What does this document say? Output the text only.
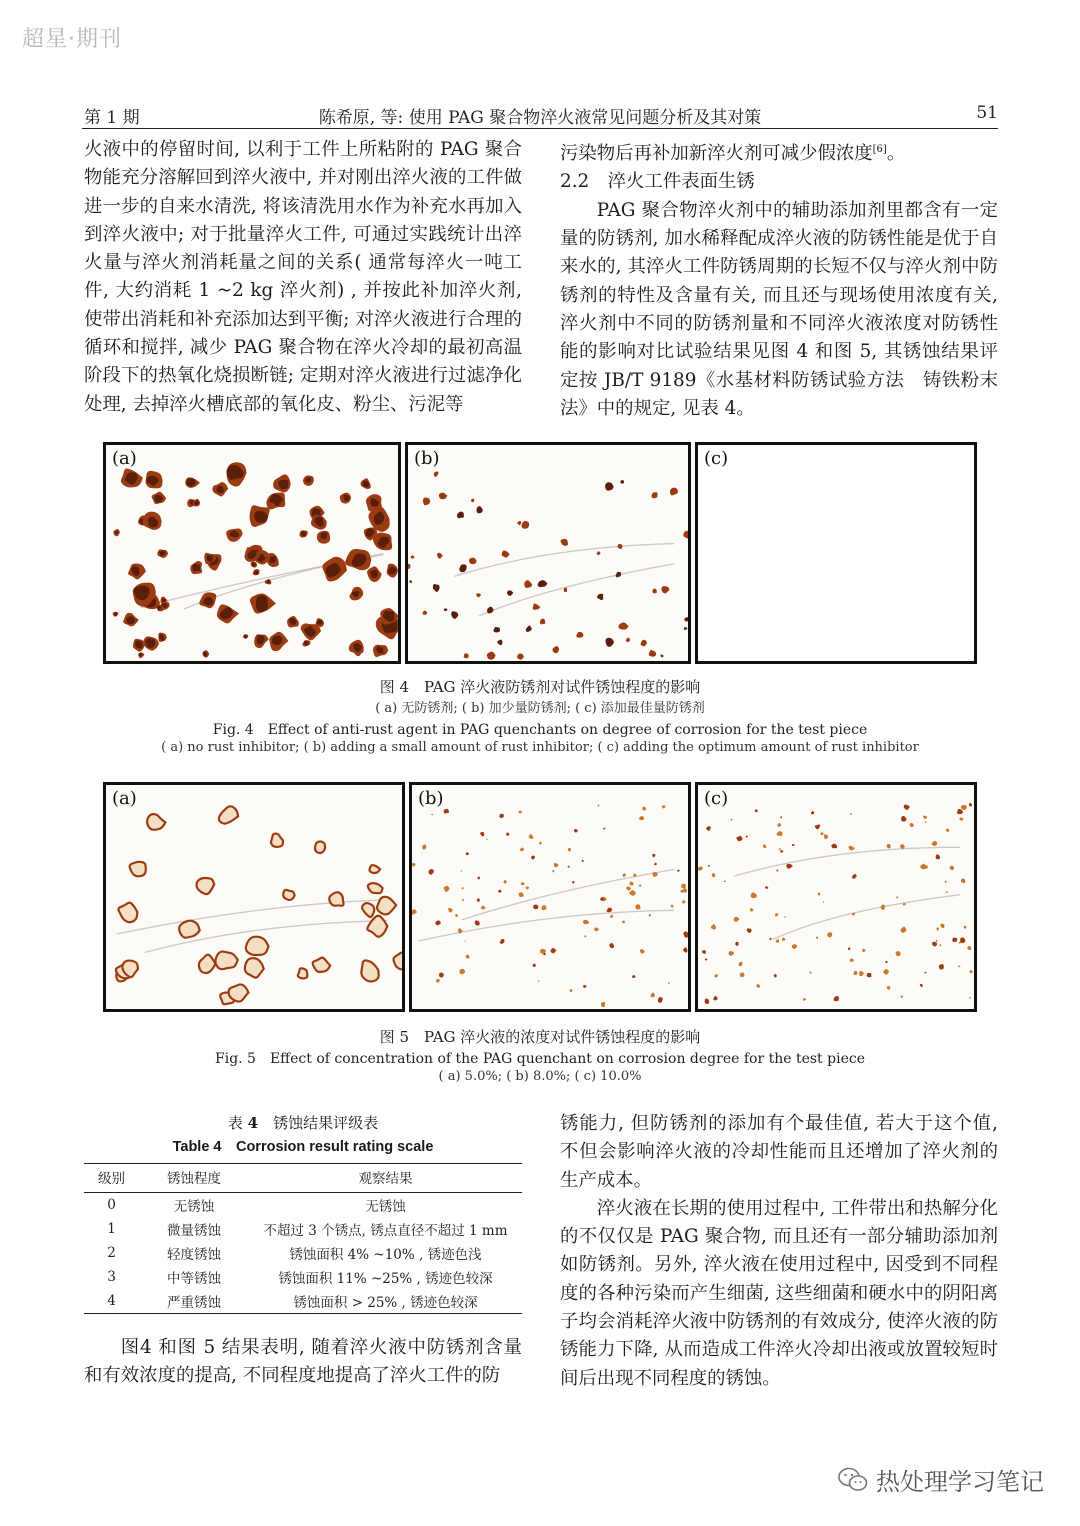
超星·期刊
第 1 期	陈希原, 等: 使用 PAG 聚合物淬火液常见问题分析及其对策	51

火液中的停留时间, 以利于工件上所粘附的 PAG 聚合物能充分溶解回到淬火液中, 并对刚出淬火液的工件做进一步的自来水清洗, 将该清洗用水作为补充水再加入到淬火液中; 对于批量淬火工件, 可通过实践统计出淬火量与淬火剂消耗量之间的关系( 通常每淬火一吨工件, 大约消耗 1 ~2 kg 淬火剂) , 并按此补加淬火剂, 使带出消耗和补充添加达到平衡; 对淬火液进行合理的循环和搅拌, 减少 PAG 聚合物在淬火冷却的最初高温阶段下的热氧化烧损断链; 定期对淬火液进行过滤净化处理, 去掉淬火槽底部的氧化皮、粉尘、污泥等

污染物后再补加新淬火剂可减少假浓度[6]。

2.2　淬火工件表面生锈

PAG 聚合物淬火剂中的辅助添加剂里都含有一定量的防锈剂, 加水稀释配成淬火液的防锈性能是优于自来水的, 其淬火工件防锈周期的长短不仅与淬火剂中防锈剂的特性及含量有关, 而且还与现场使用浓度有关, 淬火剂中不同的防锈剂量和不同淬火液浓度对防锈性能的影响对比试验结果见图 4 和图 5, 其锈蚀结果评定按 JB/T 9189《水基材料防锈试验方法　铸铁粉末法》中的规定, 见表 4。

(a)	(b)	(c)
图 4　PAG 淬火液防锈剂对试件锈蚀程度的影响
( a) 无防锈剂; ( b) 加少量防锈剂; ( c) 添加最佳量防锈剂
Fig. 4　Effect of anti-rust agent in PAG quenchants on degree of corrosion for the test piece
( a) no rust inhibitor; ( b) adding a small amount of rust inhibitor; ( c) adding the optimum amount of rust inhibitor
(a)	(b)	(c)
图 5　PAG 淬火液的浓度对试件锈蚀程度的影响
Fig. 5　Effect of concentration of the PAG quenchant on corrosion degree for the test piece
( a) 5.0%; ( b) 8.0%; ( c) 10.0%
表 4　 锈蚀结果评级表
Table 4　Corrosion result rating scale
级别	锈蚀程度	观察结果
0	无锈蚀	无锈蚀
1	微量锈蚀	不超过 3 个锈点, 锈点直径不超过 1 mm
2	轻度锈蚀	锈蚀面积 4% ~10% , 锈迹色浅
3	中等锈蚀	锈蚀面积 11% ~25% , 锈迹色较深
4	严重锈蚀	锈蚀面积 > 25% , 锈迹色较深

图4 和图 5 结果表明, 随着淬火液中防锈剂含量和有效浓度的提高, 不同程度地提高了淬火工件的防

锈能力, 但防锈剂的添加有个最佳值, 若大于这个值, 不但会影响淬火液的冷却性能而且还增加了淬火剂的生产成本。

淬火液在长期的使用过程中, 工件带出和热解分化的不仅仅是 PAG 聚合物, 而且还有一部分辅助添加剂如防锈剂。另外, 淬火液在使用过程中, 因受到不同程度的各种污染而产生细菌, 这些细菌和硬水中的阴阳离子均会消耗淬火液中防锈剂的有效成分, 使淬火液的防锈能力下降, 从而造成工件淬火冷却出液或放置较短时间后出现不同程度的锈蚀。

热处理学习笔记
